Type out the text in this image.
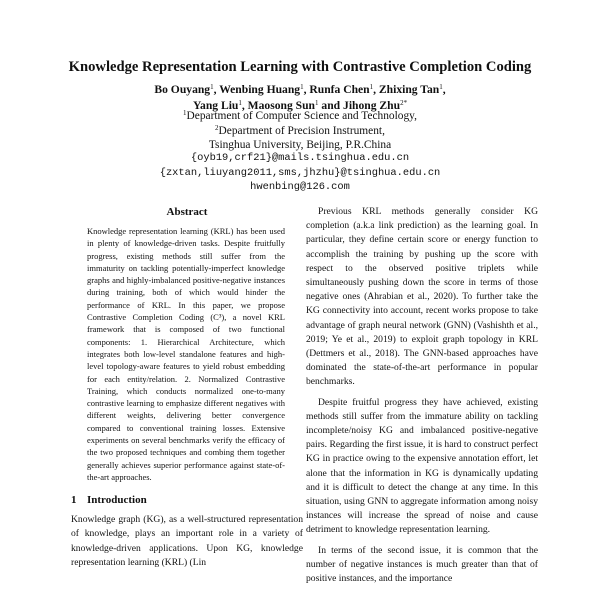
Knowledge Representation Learning with Contrastive Completion Coding
Bo Ouyang$^1$, Wenbing Huang$^1$, Runfa Chen$^1$, Zhixing Tan$^1$,
Yang Liu$^1$, Maosong Sun$^1$ and Jihong Zhu$^{2*}$
$^1$Department of Computer Science and Technology,
$^2$Department of Precision Instrument,
Tsinghua University, Beijing, P.R.China
{oyb19,crf21}@mails.tsinghua.edu.cn
{zxtan,liuyang2011,sms,jhzhu}@tsinghua.edu.cn
hwenbing@126.com
Abstract

Knowledge representation learning (KRL) has been used in plenty of knowledge-driven tasks. Despite fruitfully progress, existing methods still suffer from the immaturity on tackling potentially-imperfect knowledge graphs and highly-imbalanced positive-negative instances during training, both of which would hinder the performance of KRL. In this paper, we propose Contrastive Completion Coding (C³), a novel KRL framework that is composed of two functional components: 1. Hierarchical Architecture, which integrates both low-level standalone features and high-level topology-aware features to yield robust embedding for each entity/relation. 2. Normalized Contrastive Training, which conducts normalized one-to-many contrastive learning to emphasize different negatives with different weights, delivering better convergence compared to conventional training losses. Extensive experiments on several benchmarks verify the efficacy of the two proposed techniques and combing them together generally achieves superior performance against state-of-the-art approaches.

1 Introduction

Knowledge graph (KG), as a well-structured representation of knowledge, plays an important role in a variety of knowledge-driven applications. Upon KG, knowledge representation learning (KRL) (Lin

Previous KRL methods generally consider KG completion (a.k.a link prediction) as the learning goal. In particular, they define certain score or energy function to accomplish the training by pushing up the score with respect to the observed positive triplets while simultaneously pushing down the score in terms of those negative ones (Ahrabian et al., 2020). To further take the KG connectivity into account, recent works propose to take advantage of graph neural network (GNN) (Vashishth et al., 2019; Ye et al., 2019) to exploit graph topology in KRL (Dettmers et al., 2018). The GNN-based approaches have dominated the state-of-the-art performance in popular benchmarks.

Despite fruitful progress they have achieved, existing methods still suffer from the immature ability on tackling incomplete/noisy KG and imbalanced positive-negative pairs. Regarding the first issue, it is hard to construct perfect KG in practice owing to the expensive annotation effort, let alone that the information in KG is dynamically updating and it is difficult to detect the change at any time. In this situation, using GNN to aggregate information among noisy instances will increase the spread of noise and cause detriment to knowledge representation learning.

In terms of the second issue, it is common that the number of negative instances is much greater than that of positive instances, and the importance
